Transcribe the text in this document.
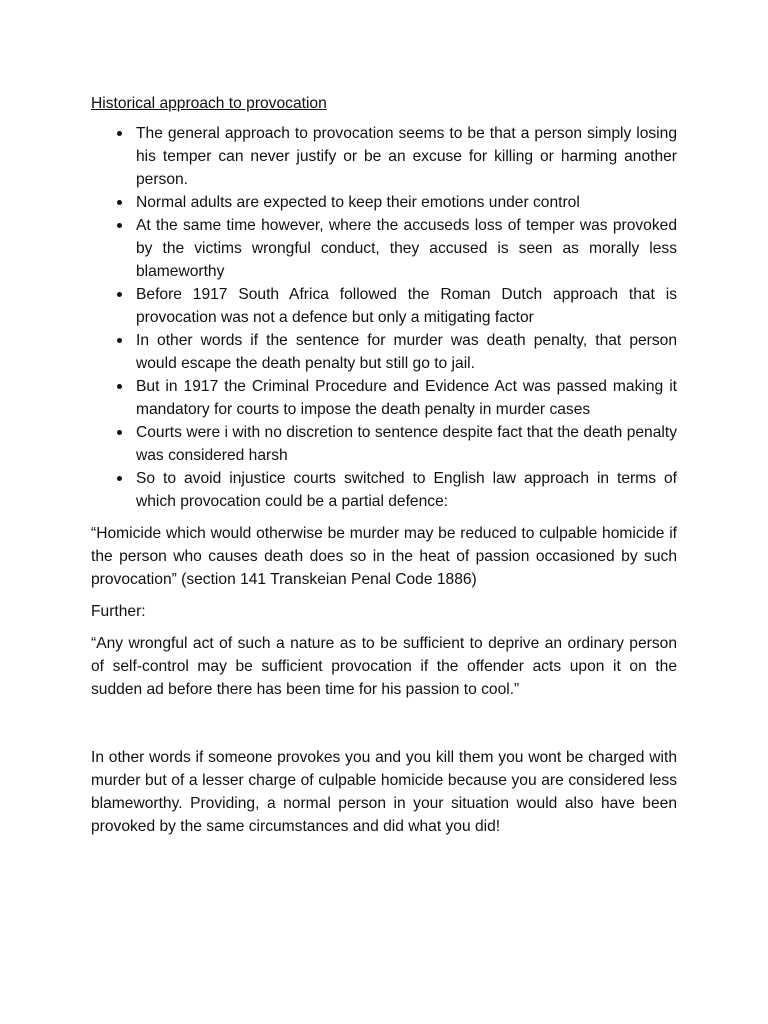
Historical approach to provocation
The general approach to provocation seems to be that a person simply losing his temper can never justify or be an excuse for killing or harming another person.
Normal adults are expected to keep their emotions under control
At the same time however, where the accuseds loss of temper was provoked by the victims wrongful conduct, they accused is seen as morally less blameworthy
Before 1917 South Africa followed the Roman Dutch approach that is provocation was not a defence but only a mitigating factor
In other words if the sentence for murder was death penalty, that person would escape the death penalty but still go to jail.
But in 1917 the Criminal Procedure and Evidence Act was passed making it mandatory for courts to impose the death penalty in murder cases
Courts were i with no discretion to sentence despite fact that the death penalty was considered harsh
So to avoid injustice courts switched to English law approach in terms of which provocation could be a partial defence:

“Homicide which would otherwise be murder may be reduced to culpable homicide if the person who causes death does so in the heat of passion occasioned by such provocation” (section 141 Transkeian Penal Code 1886)

Further:

“Any wrongful act of such a nature as to be sufficient to deprive an ordinary person of self-control may be sufficient provocation if the offender acts upon it on the sudden ad before there has been time for his passion to cool.”

In other words if someone provokes you and you kill them you wont be charged with murder but of a lesser charge of culpable homicide because you are considered less blameworthy. Providing, a normal person in your situation would also have been provoked by the same circumstances and did what you did!
